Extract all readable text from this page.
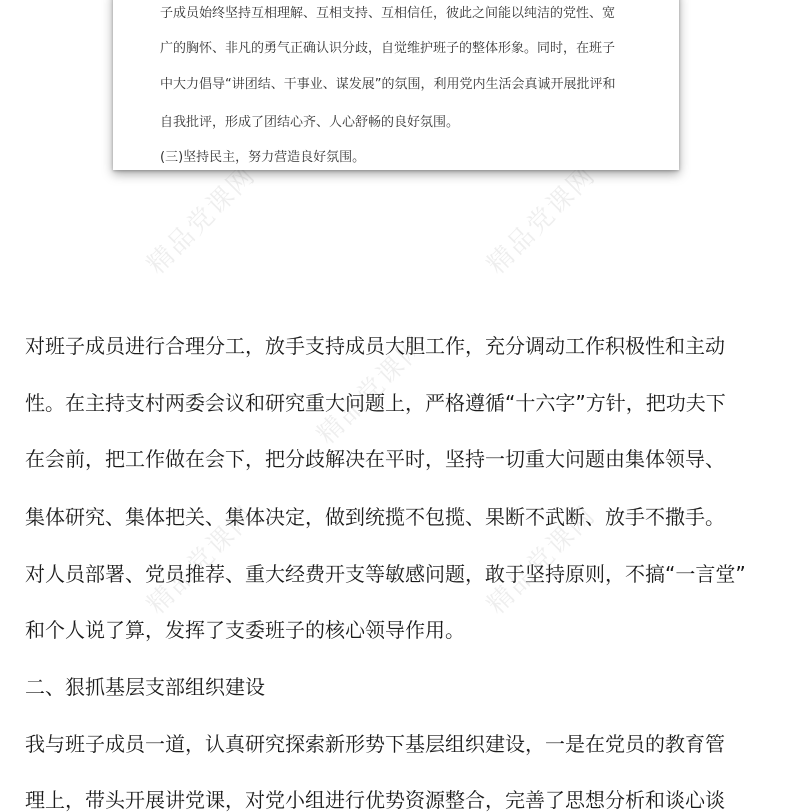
精品党课网	精品党课网
精品党课网
精品党课网	精品党课网
子成员始终坚持互相理解、互相支持、互相信任，彼此之间能以纯洁的党性、宽
广的胸怀、非凡的勇气正确认识分歧，自觉维护班子的整体形象。同时，在班子
中大力倡导“讲团结、干事业、谋发展”的氛围，利用党内生活会真诚开展批评和
自我批评，形成了团结心齐、人心舒畅的良好氛围。
(三)坚持民主，努力营造良好氛围。
对班子成员进行合理分工，放手支持成员大胆工作，充分调动工作积极性和主动
性。在主持支村两委会议和研究重大问题上，严格遵循“十六字”方针，把功夫下
在会前，把工作做在会下，把分歧解决在平时，坚持一切重大问题由集体领导、
集体研究、集体把关、集体决定，做到统揽不包揽、果断不武断、放手不撒手。
对人员部署、党员推荐、重大经费开支等敏感问题，敢于坚持原则，不搞“一言堂”
和个人说了算，发挥了支委班子的核心领导作用。
二、狠抓基层支部组织建设
我与班子成员一道，认真研究探索新形势下基层组织建设，一是在党员的教育管
理上，带头开展讲党课，对党小组进行优势资源整合，完善了思想分析和谈心谈
